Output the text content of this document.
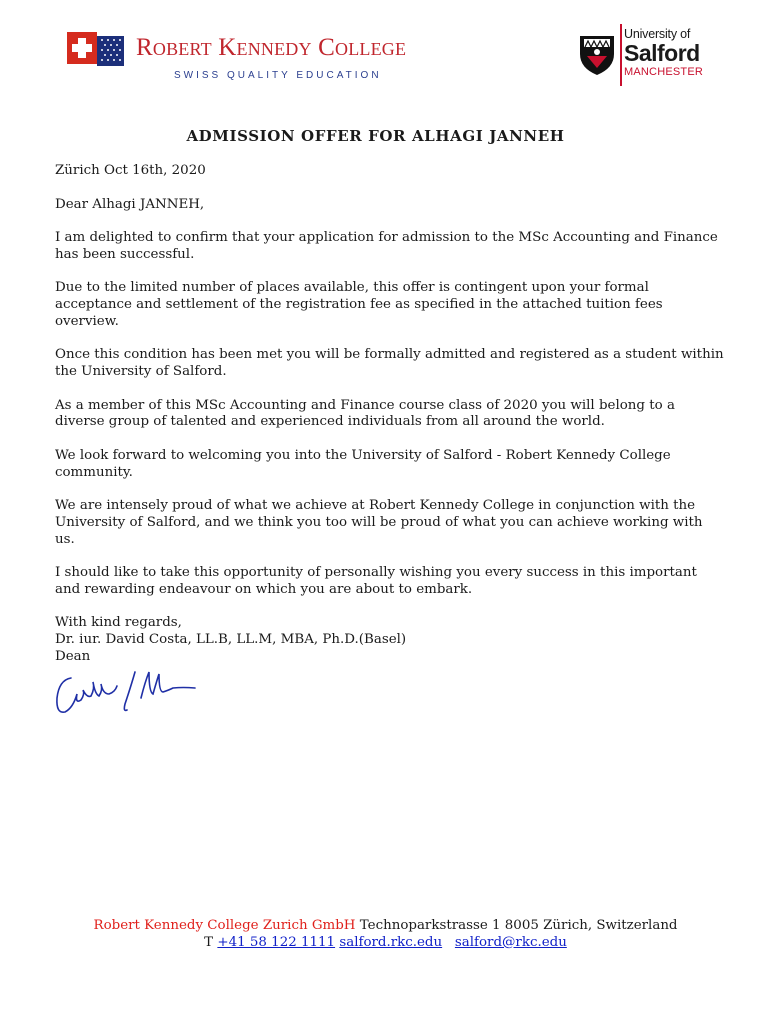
Robert Kennedy College
SWISS QUALITY EDUCATION
University of
Salford
MANCHESTER
ADMISSION OFFER FOR ALHAGI JANNEH

Zürich Oct 16th, 2020

Dear Alhagi JANNEH,

I am delighted to confirm that your application for admission to the MSc Accounting and Finance has been successful.

Due to the limited number of places available, this offer is contingent upon your formal acceptance and settlement of the registration fee as specified in the attached tuition fees overview.

Once this condition has been met you will be formally admitted and registered as a student within the University of Salford.

As a member of this MSc Accounting and Finance course class of 2020 you will belong to a diverse group of talented and experienced individuals from all around the world.

We look forward to welcoming you into the University of Salford - Robert Kennedy College community.

We are intensely proud of what we achieve at Robert Kennedy College in conjunction with the University of Salford, and we think you too will be proud of what you can achieve working with us.

I should like to take this opportunity of personally wishing you every success in this important and rewarding endeavour on which you are about to embark.

With kind regards,

Dr. iur. David Costa, LL.B, LL.M, MBA, Ph.D.(Basel)

Dean

Robert Kennedy College Zurich GmbH Technoparkstrasse 1 8005 Zürich, Switzerland
T +41 58 122 1111 salford.rkc.edu salford@rkc.edu
